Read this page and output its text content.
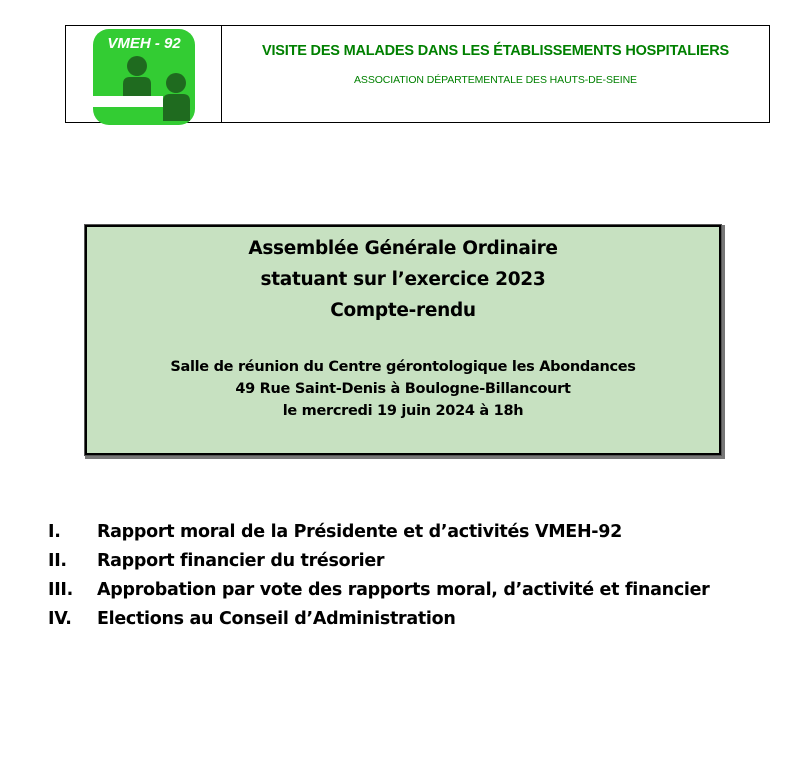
VMEH - 92	VISITE DES MALADES DANS LES ÉTABLISSEMENTS HOSPITALIERS
ASSOCIATION DÉPARTEMENTALE DES HAUTS-DE-SEINE
Assemblée Générale Ordinaire
statuant sur l’exercice 2023
Compte-rendu
Salle de réunion du Centre gérontologique les Abondances
49 Rue Saint-Denis à Boulogne-Billancourt
le mercredi 19 juin 2024 à 18h
I.	Rapport moral de la Présidente et d’activités VMEH-92
II.	Rapport financier du trésorier
III.	Approbation par vote des rapports moral, d’activité et financier
IV.	Elections au Conseil d’Administration
